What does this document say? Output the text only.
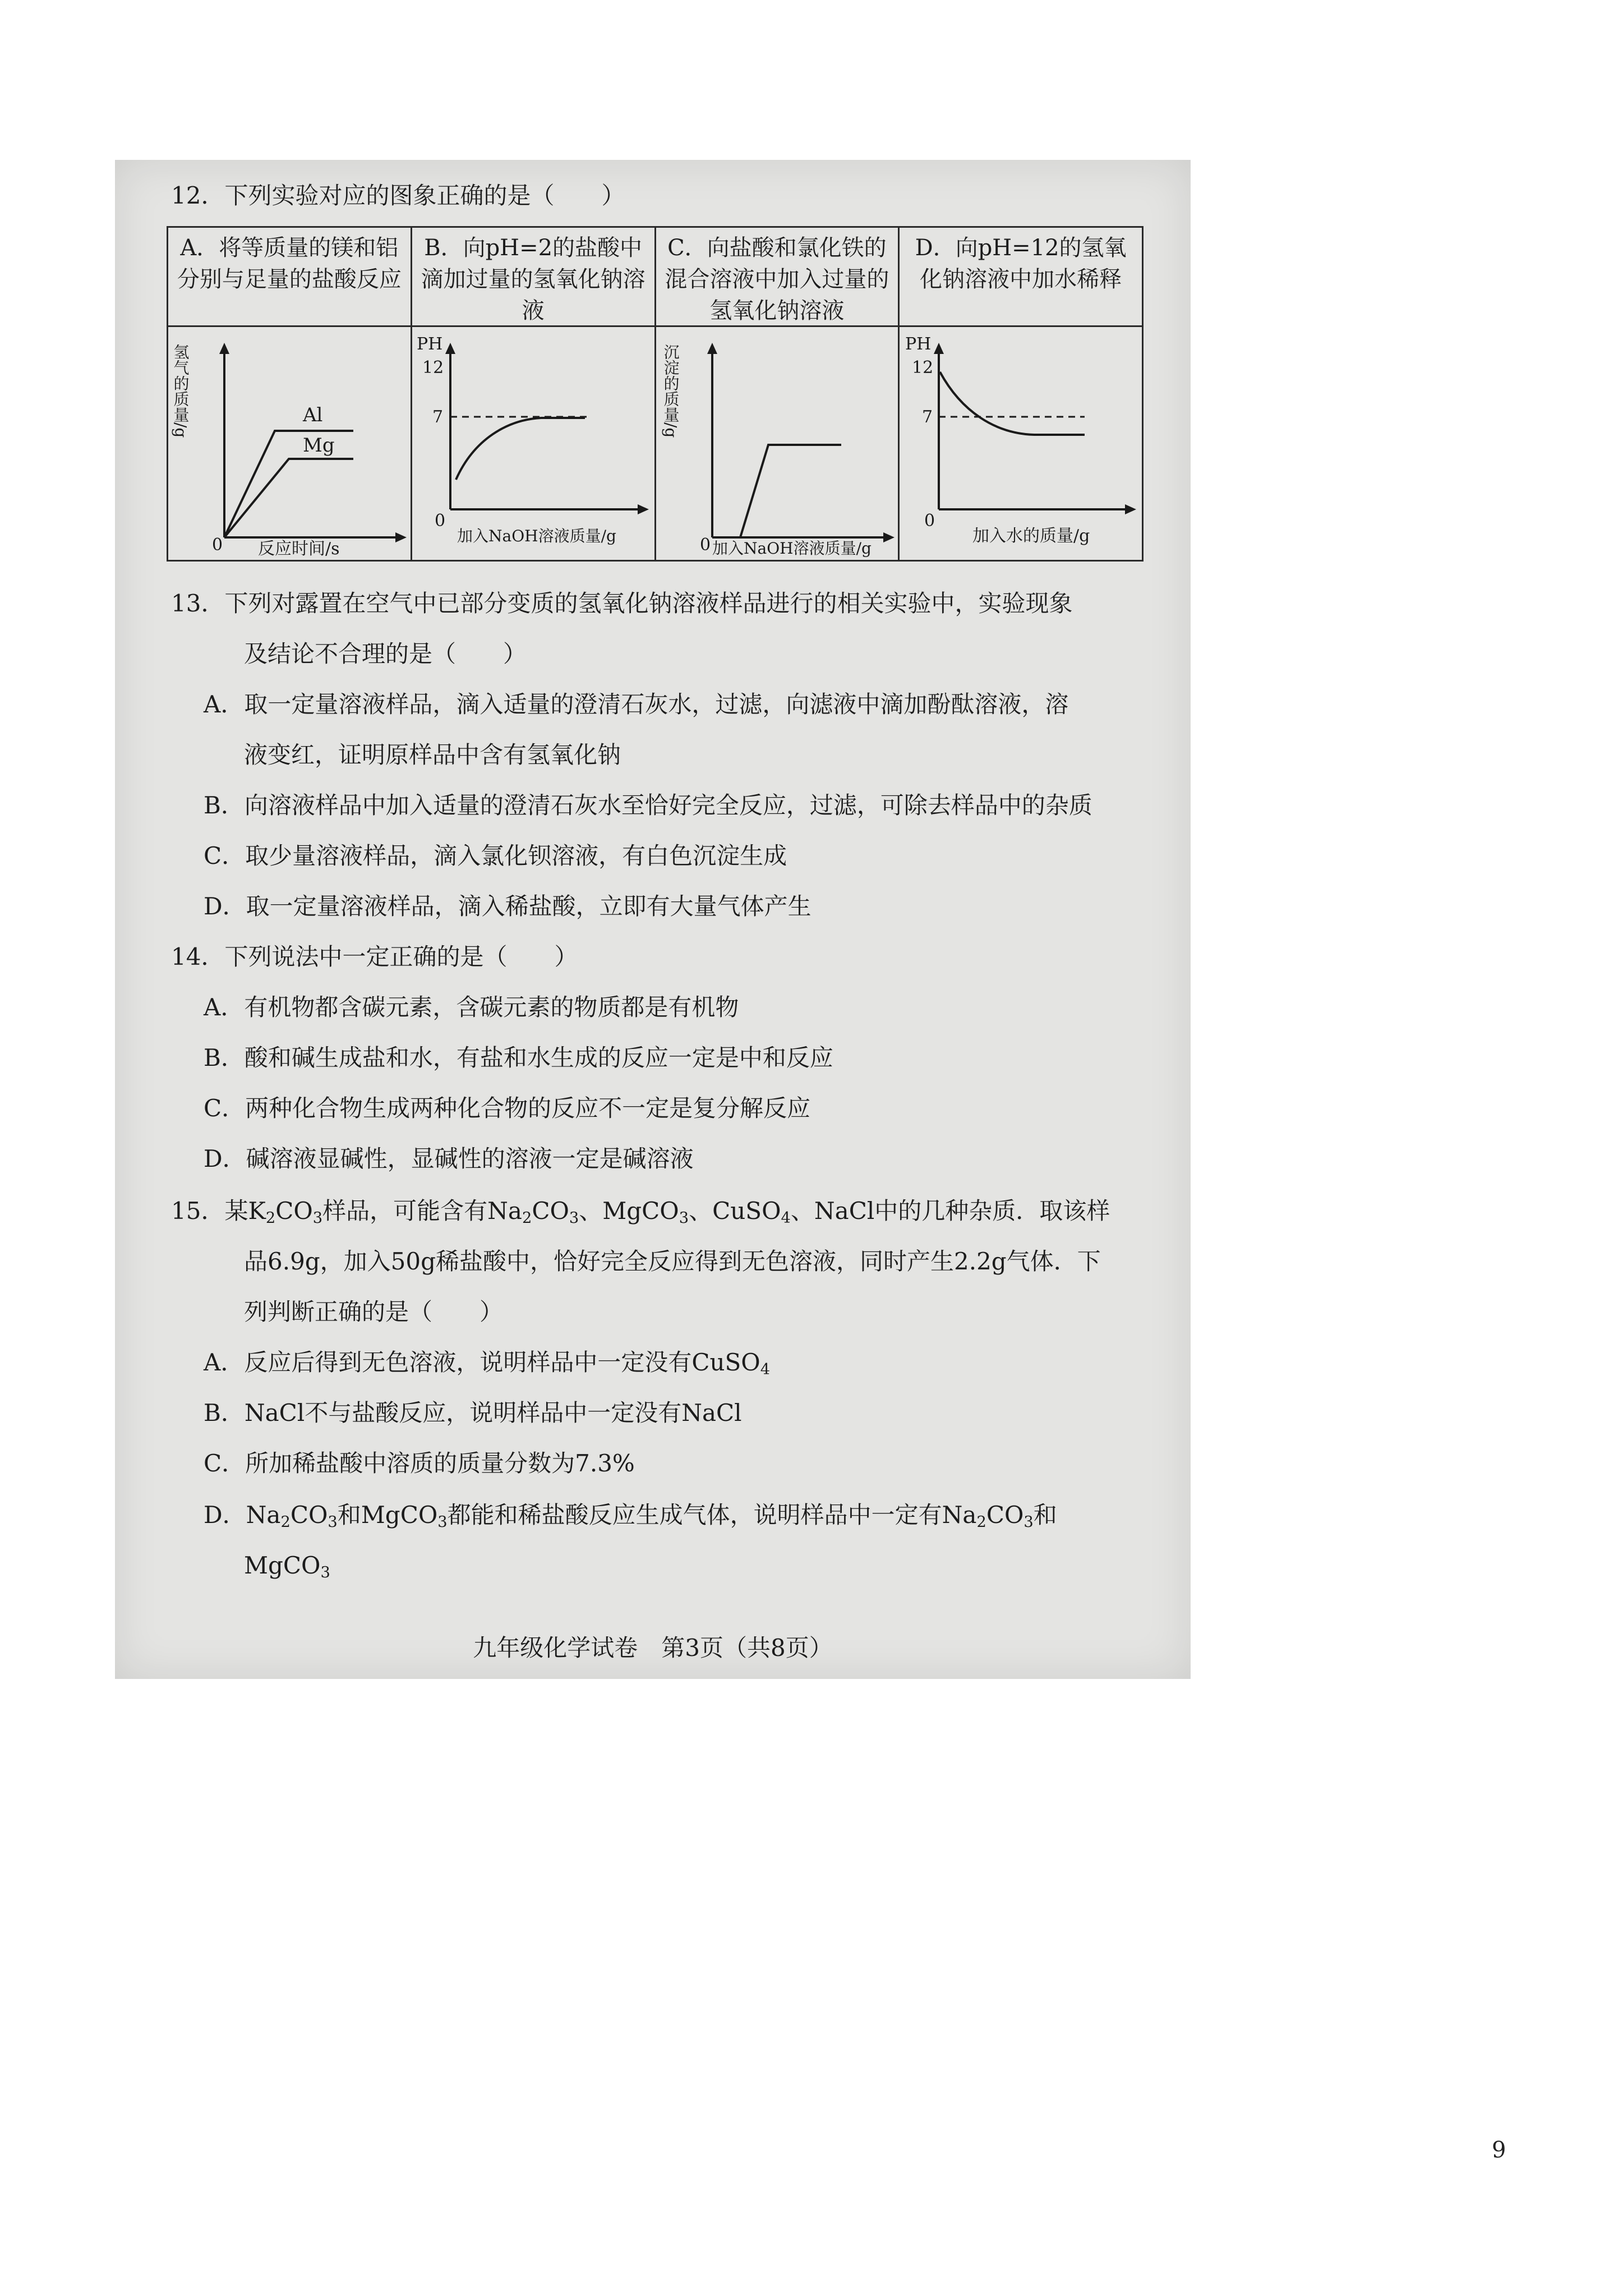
12．下列实验对应的图象正确的是（　　）
A．将等质量的镁和铝分别与足量的盐酸反应	B．向pH=2的盐酸中滴加过量的氢氧化钠溶液	C．向盐酸和氯化铁的混合溶液中加入过量的氢氧化钠溶液	D．向pH=12的氢氧化钠溶液中加水稀释

Al
Mg
0 反应时间/s
氢气的质量/g	PH
12
7
0
加入NaOH溶液质量/g	沉淀的质量/g
0 加入NaOH溶液质量/g	PH
12
7
0
加入水的质量/g
13．下列对露置在空气中已部分变质的氢氧化钠溶液样品进行的相关实验中，实验现象
及结论不合理的是（　　）
A．取一定量溶液样品，滴入适量的澄清石灰水，过滤，向滤液中滴加酚酞溶液，溶
液变红，证明原样品中含有氢氧化钠
B．向溶液样品中加入适量的澄清石灰水至恰好完全反应，过滤，可除去样品中的杂质
C．取少量溶液样品，滴入氯化钡溶液，有白色沉淀生成
D．取一定量溶液样品，滴入稀盐酸，立即有大量气体产生
14．下列说法中一定正确的是（　　）
A．有机物都含碳元素，含碳元素的物质都是有机物
B．酸和碱生成盐和水，有盐和水生成的反应一定是中和反应
C．两种化合物生成两种化合物的反应不一定是复分解反应
D．碱溶液显碱性，显碱性的溶液一定是碱溶液
15．某$K_2CO_3$样品，可能含有$Na_2CO_3$、MgCO$_3$、CuSO$_4$、NaCl中的几种杂质．取该样
品6.9g，加入50g稀盐酸中，恰好完全反应得到无色溶液，同时产生2.2g气体．下
列判断正确的是（　　）
A．反应后得到无色溶液，说明样品中一定没有CuSO$_4$
B．NaCl不与盐酸反应，说明样品中一定没有NaCl
C．所加稀盐酸中溶质的质量分数为7.3%
D．$Na_2CO_3$和MgCO$_3$都能和稀盐酸反应生成气体，说明样品中一定有$Na_2CO_3$和
MgCO$_3$
九年级化学试卷　第3页（共8页）
9
